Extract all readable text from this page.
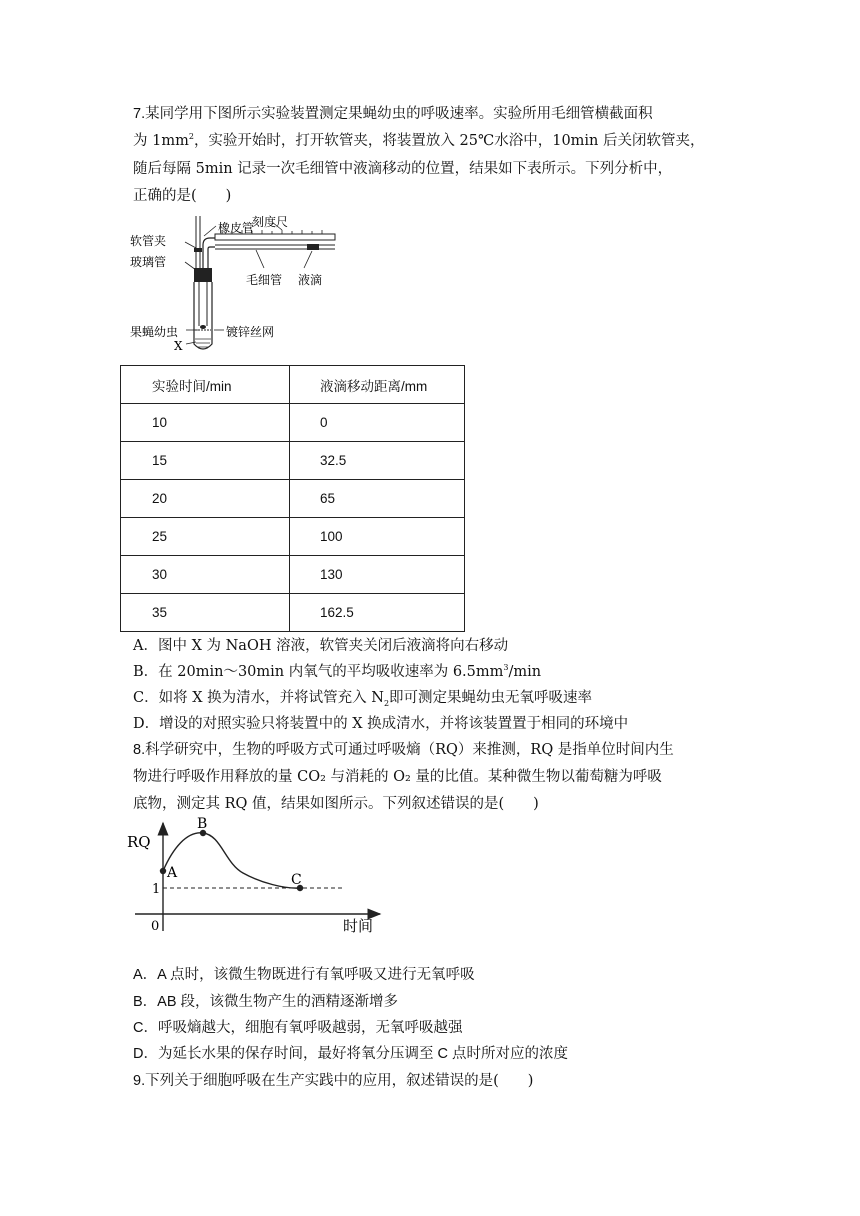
7.某同学用下图所示实验装置测定果蝇幼虫的呼吸速率。实验所用毛细管横截面积
为 $1mm^2$，实验开始时，打开软管夹，将装置放入 25℃水浴中，10min 后关闭软管夹，
随后每隔 5min 记录一次毛细管中液滴移动的位置，结果如下表所示。下列分析中，
正确的是(　　)
刻度尺
橡皮管
软管夹
玻璃管
毛细管 液滴
果蝇幼虫
X
镀锌丝网
实验时间/min	液滴移动距离/mm
10	0
15	32.5
20	65
25	100
30	130
35	162.5
A．图中 X 为 NaOH 溶液，软管夹关闭后液滴将向右移动
B．在 20min～30min 内氧气的平均吸收速率为 $6.5mm^3/\min$
C．如将 X 换为清水，并将试管充入 $N_2$即可测定果蝇幼虫无氧呼吸速率
D．增设的对照实验只将装置中的 X 换成清水，并将该装置置于相同的环境中
8.科学研究中，生物的呼吸方式可通过呼吸熵（RQ）来推测，RQ 是指单位时间内生
物进行呼吸作用释放的量 CO₂ 与消耗的 O₂ 量的比值。某种微生物以葡萄糖为呼吸
底物，测定其 RQ 值，结果如图所示。下列叙述错误的是(　　)
RQ
时间
0
1
A
B
C
A．A 点时，该微生物既进行有氧呼吸又进行无氧呼吸
B．AB 段，该微生物产生的酒精逐渐增多
C．呼吸熵越大，细胞有氧呼吸越弱，无氧呼吸越强
D．为延长水果的保存时间，最好将氧分压调至 C 点时所对应的浓度
9.下列关于细胞呼吸在生产实践中的应用，叙述错误的是(　　)
